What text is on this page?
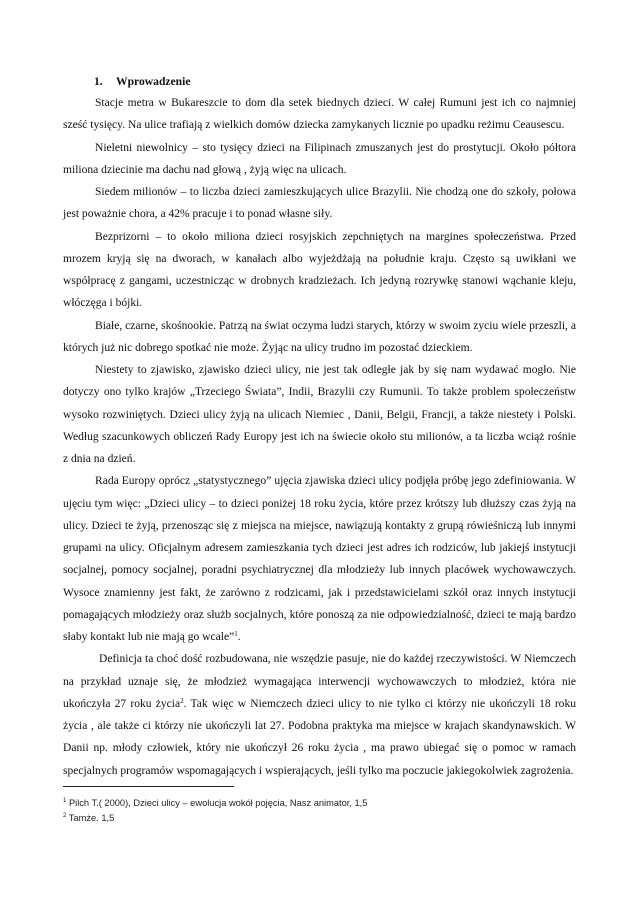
1. Wprowadzenie

Stacje metra w Bukareszcie to dom dla setek biednych dzieci. W całej Rumuni jest ich co najmniej sześć tysięcy. Na ulice trafiają z wielkich domów dziecka zamykanych licznie po upadku reżimu Ceausescu.

Nieletni niewolnicy – sto tysięcy dzieci na Filipinach zmuszanych jest do prostytucji. Około półtora miliona dziecinie ma dachu nad głową , żyją więc na ulicach.

Siedem milionów – to liczba dzieci zamieszkujących ulice Brazylii. Nie chodzą one do szkoły, połowa jest poważnie chora, a 42% pracuje i to ponad własne siły.

Bezprizorni – to około miliona dzieci rosyjskich zepchniętych na margines społeczeństwa. Przed mrozem kryją się na dworach, w kanałach albo wyjeżdżają na południe kraju. Często są uwikłani we współpracę z gangami, uczestnicząc w drobnych kradzieżach. Ich jedyną rozrywkę stanowi wąchanie kleju, włóczęga i bójki.

Białe, czarne, skośnookie. Patrzą na świat oczyma ludzi starych, którzy w swoim zyciu wiele przeszli, a których już nic dobrego spotkać nie może. Żyjąc na ulicy trudno im pozostać dzieckiem.

Niestety to zjawisko, zjawisko dzieci ulicy, nie jest tak odległe jak by się nam wydawać mogło. Nie dotyczy ono tylko krajów „Trzeciego Świata”, Indii, Brazylii czy Rumunii. To także problem społeczeństw wysoko rozwiniętych. Dzieci ulicy żyją na ulicach Niemiec , Danii, Belgii, Francji, a także niestety i Polski. Według szacunkowych obliczeń Rady Europy jest ich na świecie około stu milionów, a ta liczba wciąż rośnie z dnia na dzień.

Rada Europy oprócz „statystycznego” ujęcia zjawiska dzieci ulicy podjęła próbę jego zdefiniowania. W ujęciu tym więc: „Dzieci ulicy – to dzieci poniżej 18 roku życia, które przez krótszy lub dłuższy czas żyją na ulicy. Dzieci te żyją, przenosząc się z miejsca na miejsce, nawiązują kontakty z grupą rówieśniczą lub innymi grupami na ulicy. Oficjalnym adresem zamieszkania tych dzieci jest adres ich rodziców, lub jakiejś instytucji socjalnej, pomocy socjalnej, poradni psychiatrycznej dla młodzieży lub innych placówek wychowawczych. Wysoce znamienny jest fakt, że zarówno z rodzicami, jak i przedstawicielami szkół oraz innych instytucji pomagających młodzieży oraz służb socjalnych, które ponoszą za nie odpowiedzialność, dzieci te mają bardzo słaby kontakt lub nie mają go wcale”$^1$.

Definicja ta choć dość rozbudowana, nie wszędzie pasuje, nie do każdej rzeczywistości. W Niemczech na przykład uznaje się, że młodzież wymagająca interwencji wychowawczych to młodzież, która nie ukończyła 27 roku życia$^2$. Tak więc w Niemczech dzieci ulicy to nie tylko ci którzy nie ukończyli 18 roku życia , ale także ci którzy nie ukończyli lat 27. Podobna praktyka ma miejsce w krajach skandynawskich. W Danii np. młody człowiek, który nie ukończył 26 roku życia , ma prawo ubiegać się o pomoc w ramach specjalnych programów wspomagających i wspierających, jeśli tylko ma poczucie jakiegokolwiek zagrożenia.

$^1$ Pilch T.( 2000), Dzieci ulicy – ewolucja wokół pojęcia, Nasz animator, 1,5
$^2$ Tamże. 1,5
